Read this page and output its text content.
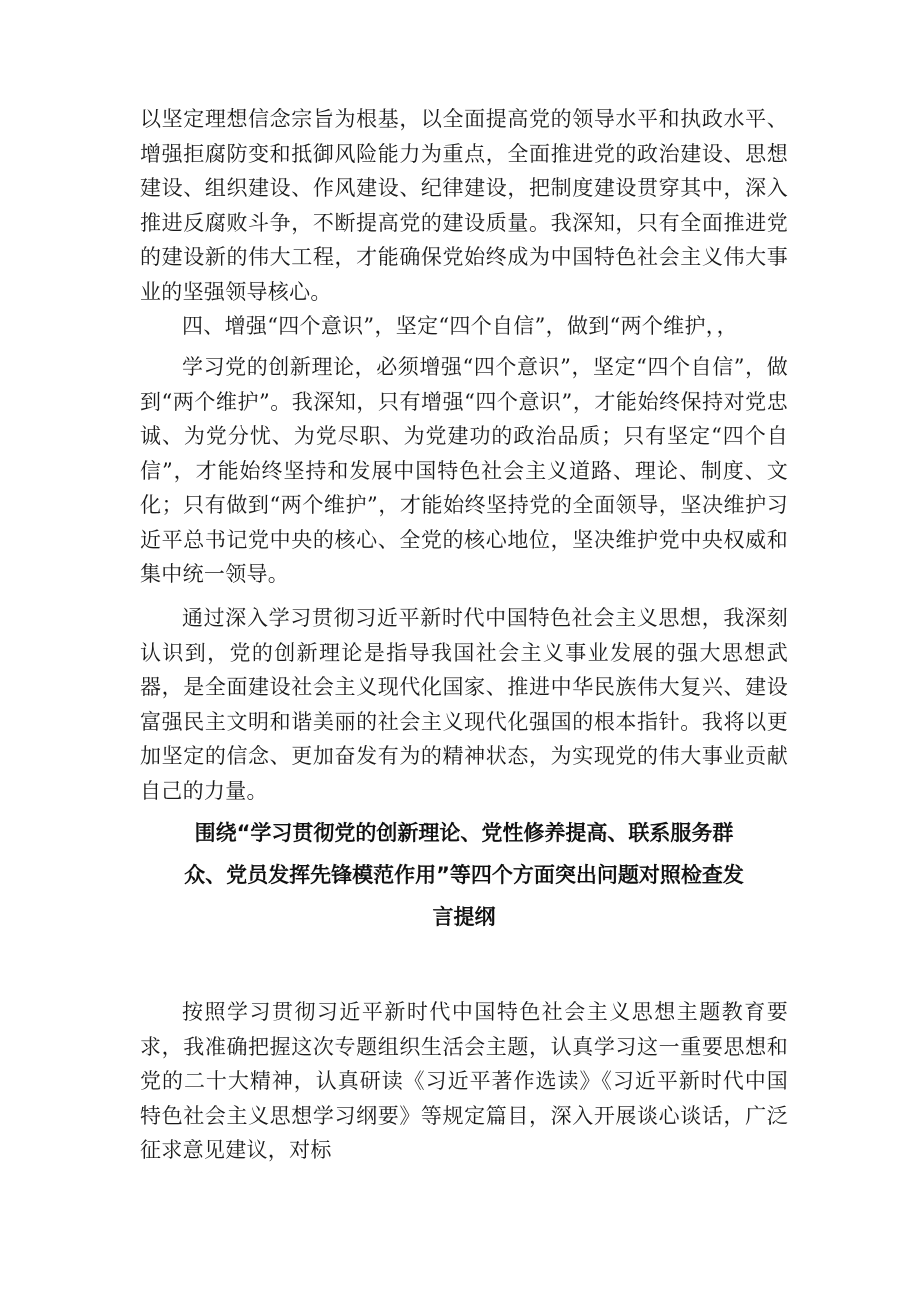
以坚定理想信念宗旨为根基，以全面提高党的领导水平和执政水平、增强拒腐防变和抵御风险能力为重点，全面推进党的政治建设、思想建设、组织建设、作风建设、纪律建设，把制度建设贯穿其中，深入推进反腐败斗争，不断提高党的建设质量。我深知，只有全面推进党的建设新的伟大工程，才能确保党始终成为中国特色社会主义伟大事业的坚强领导核心。

四、增强“四个意识”，坚定“四个自信”，做到“两个维护，，

学习党的创新理论，必须增强“四个意识”，坚定“四个自信”，做到“两个维护”。我深知，只有增强“四个意识”，才能始终保持对党忠诚、为党分忧、为党尽职、为党建功的政治品质；只有坚定“四个自信”，才能始终坚持和发展中国特色社会主义道路、理论、制度、文化；只有做到“两个维护”，才能始终坚持党的全面领导，坚决维护习近平总书记党中央的核心、全党的核心地位，坚决维护党中央权威和集中统一领导。

通过深入学习贯彻习近平新时代中国特色社会主义思想，我深刻认识到，党的创新理论是指导我国社会主义事业发展的强大思想武器，是全面建设社会主义现代化国家、推进中华民族伟大复兴、建设富强民主文明和谐美丽的社会主义现代化强国的根本指针。我将以更加坚定的信念、更加奋发有为的精神状态，为实现党的伟大事业贡献自己的力量。

围绕“学习贯彻党的创新理论、党性修养提高、联系服务群
众、党员发挥先锋模范作用”等四个方面突出问题对照检查发
言提纲

按照学习贯彻习近平新时代中国特色社会主义思想主题教育要求，我准确把握这次专题组织生活会主题，认真学习这一重要思想和党的二十大精神，认真研读《习近平著作选读》《习近平新时代中国特色社会主义思想学习纲要》等规定篇目，深入开展谈心谈话，广泛征求意见建议，对标
